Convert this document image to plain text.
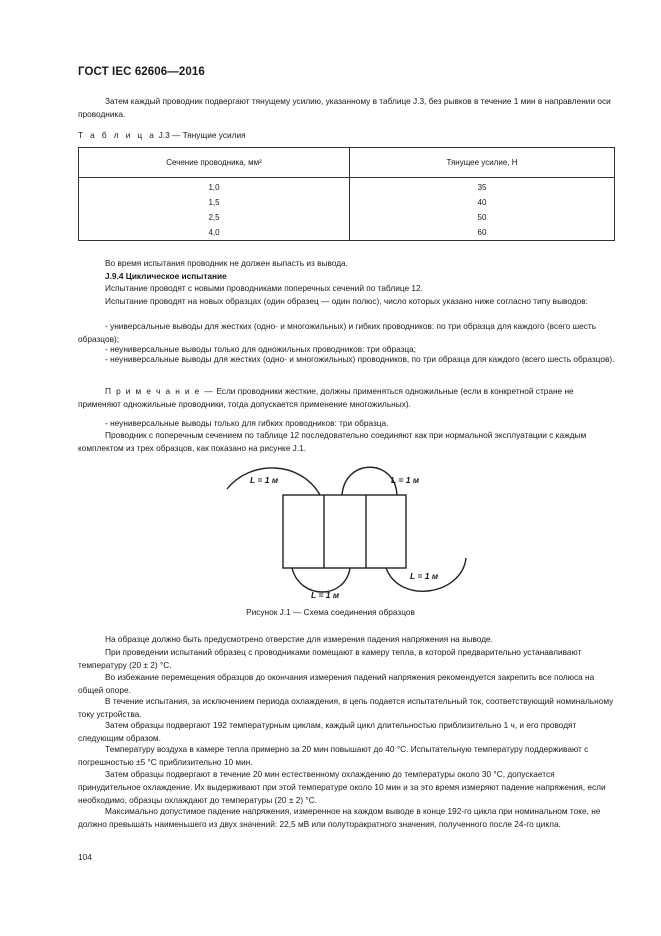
ГОСТ IEC 62606—2016
Затем каждый проводник подвергают тянущему усилию, указанному в таблице J.3, без рывков в течение 1 мин в направлении оси проводника.
Т а б л и ц а J.3 — Тянущие усилия
Сечение проводника, мм²	Тянущее усилие, Н
1,0	35
1,5	40
2,5	50
4,0	60
Во время испытания проводник не должен выпасть из вывода.
J.9.4 Циклическое испытание
Испытание проводят с новыми проводниками поперечных сечений по таблице 12.
Испытание проводят на новых образцах (один образец — один полюс), число которых указано ниже согласно типу выводов:
- универсальные выводы для жестких (одно- и многожильных) и гибких проводников: по три образца для каждого (всего шесть образцов);
- неуниверсальные выводы только для одножильных проводников: три образца;
- неуниверсальные выводы для жестких (одно- и многожильных) проводников, по три образца для каждого (всего шесть образцов).
П р и м е ч а н и е — Если проводники жесткие, должны применяться одножильные (если в конкретной стране не применяют одножильные проводники, тогда допускается применение многожильных).
- неуниверсальные выводы только для гибких проводников: три образца.
Проводник с поперечным сечением по таблице 12 последовательно соединяют как при нормальной эксплуатации с каждым комплектом из трех образцов, как показано на рисунке J.1.
L = 1 м	L = 1 м
L = 1 м
L = 1 м
Рисунок J.1 — Схема соединения образцов
На образце должно быть предусмотрено отверстие для измерения падения напряжения на выводе.
При проведении испытаний образец с проводниками помещают в камеру тепла, в которой предварительно устанавливают температуру (20 ± 2) °С.
Во избежание перемещения образцов до окончания измерения падений напряжения рекомендуется закрепить все полюса на общей опоре.
В течение испытания, за исключением периода охлаждения, в цепь подается испытательный ток, соответствующий номинальному току устройства.
Затем образцы подвергают 192 температурным циклам, каждый цикл длительностью приблизительно 1 ч, и его проводят следующим образом.
Температуру воздуха в камере тепла примерно за 20 мин повышают до 40 °С. Испытательную температуру поддерживают с погрешностью ±5 °С приблизительно 10 мин.
Затем образцы подвергают в течение 20 мин естественному охлаждению до температуры около 30 °С, допускается принудительное охлаждение. Их выдерживают при этой температуре около 10 мин и за это время измеряют падение напряжения, если необходимо, образцы охлаждают до температуры (20 ± 2) °С.
Максимально допустимое падение напряжения, измеренное на каждом выводе в конце 192-го цикла при номинальном токе, не должно превышать наименьшего из двух значений: 22,5 мВ или полуторакратного значения, полученного после 24-го цикла.
104
